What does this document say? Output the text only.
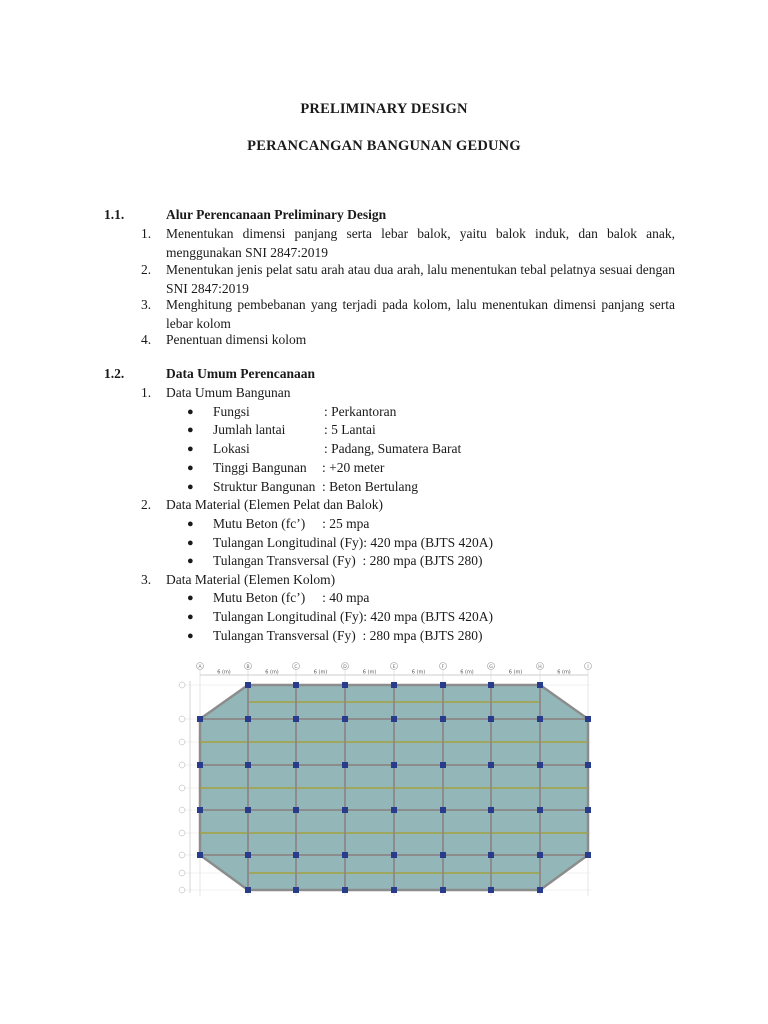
PRELIMINARY DESIGN
PERANCANGAN BANGUNAN GEDUNG
1.1.	Alur Perencanaan Preliminary Design
1. Menentukan dimensi panjang serta lebar balok, yaitu balok induk, dan balok anak, menggunakan SNI 2847:2019
2. Menentukan jenis pelat satu arah atau dua arah, lalu menentukan tebal pelatnya sesuai dengan SNI 2847:2019
3. Menghitung pembebanan yang terjadi pada kolom, lalu menentukan dimensi panjang serta lebar kolom
4. Penentuan dimensi kolom
1.2.	Data Umum Perencanaan
1. Data Umum Bangunan
● Fungsi	: Perkantoran
● Jumlah lantai	: 5 Lantai
● Lokasi	: Padang, Sumatera Barat
● Tinggi Bangunan : +20 meter
● Struktur Bangunan : Beton Bertulang
2. Data Material (Elemen Pelat dan Balok)
● Mutu Beton (fc’)     : 25 mpa
● Tulangan Longitudinal (Fy): 420 mpa (BJTS 420A)
● Tulangan Transversal (Fy)  : 280 mpa (BJTS 280)
3. Data Material (Elemen Kolom)
● Mutu Beton (fc’)     : 40 mpa
● Tulangan Longitudinal (Fy): 420 mpa (BJTS 420A)
● Tulangan Transversal (Fy)  : 280 mpa (BJTS 280)
A
6 (m)
B
6 (m)
C
6 (m)
D
6 (m)
E
6 (m)
F
6 (m)
G
6 (m)
H
6 (m)
I
